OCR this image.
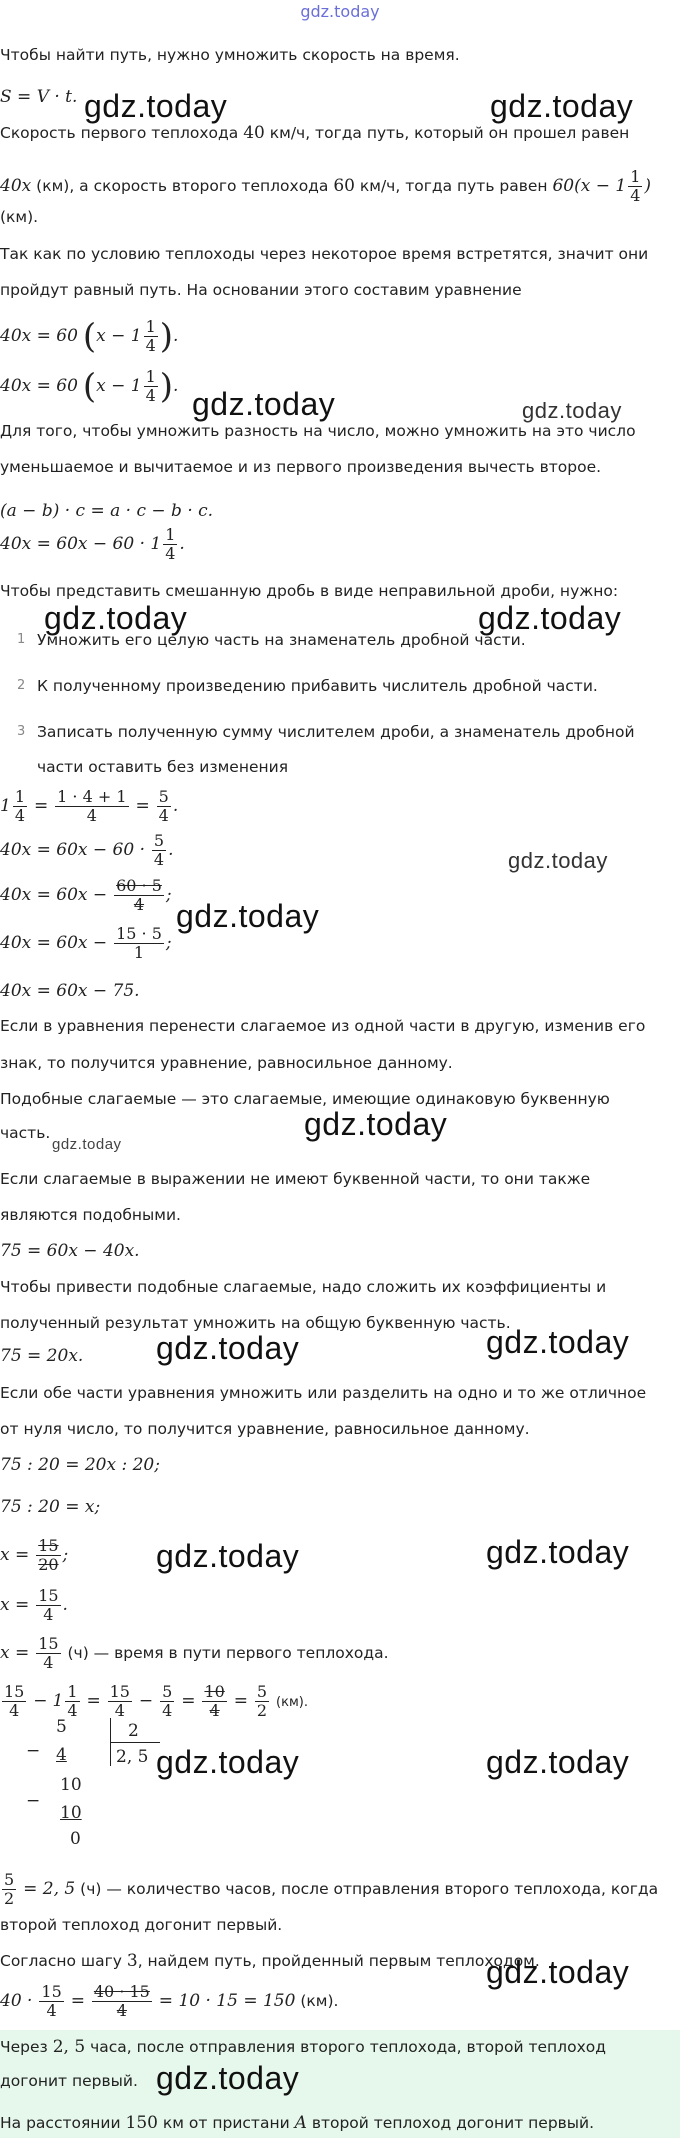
gdz.today
Чтобы найти путь, нужно умножить скорость на время.
S = V · t. gdz.today	gdz.today
Скорость первого теплохода 40 км/ч, тогда путь, который он прошел равен
40x (км), а скорость второго теплохода 60 км/ч, тогда путь равен $60(x - 1 \frac{1}{4}$ )
(км).
Так как по условию теплоходы через некоторое время встретятся, значит они
пройдут равный путь. На основании этого составим уравнение
40x = 60 ($x - 1 \frac{1}{4}$ ).
40x = 60 ($x - 1 \frac{1}{4}$ ). gdz.today	gdz.today
Для того, чтобы умножить разность на число, можно умножить на это число
уменьшаемое и вычитаемое и из первого произведения вычесть второе.
(a − b) · c = a · c − b · c.
$40x = 60x - 60 \cdot 1 \frac{1}{4}$ .
Чтобы представить смешанную дробь в виде неправильной дроби, нужно:
gdz.today	gdz.today
1 Умножить его целую часть на знаменатель дробной части.
2 К полученному произведению прибавить числитель дробной части.
3 Записать полученную сумму числителем дроби, а знаменатель дробной
части оставить без изменения
$1 \frac{1}{4} = \frac{1 \cdot 4 + 1}{4} = \frac{5}{4}$ .
$40x = 60x - 60 \cdot \frac{5}{4}$ .	gdz.today
$40x = 60x - \frac{60 \cdot 5}{4}$ ;
gdz.today
$40x = 60x - \frac{15 \cdot 5}{1}$ ;
40x = 60x − 75.
Если в уравнения перенести слагаемое из одной части в другую, изменив его
знак, то получится уравнение, равносильное данному.
Подобные слагаемые — это слагаемые, имеющие одинаковую буквенную
часть.
gdz.today
gdz.today
Если слагаемые в выражении не имеют буквенной части, то они также
являются подобными.
75 = 60x − 40x.
Чтобы привести подобные слагаемые, надо сложить их коэффициенты и
полученный результат умножить на общую буквенную часть.
75 = 20x.	gdz.today	gdz.today
Если обе части уравнения умножить или разделить на одно и то же отличное
от нуля число, то получится уравнение, равносильное данному.
75 : 20 = 20x : 20;
75 : 20 = x;
$x = \frac{15}{20}$ ;	gdz.today	gdz.today
$x = \frac{15}{4}$ .
$x = \frac{15}{4} (ч)$ — время в пути первого теплохода.
$\frac{15}{4} - 1 \frac{1}{4} = \frac{15}{4} - \frac{5}{4} = \frac{10}{4} = \frac{5}{2} (км)$.
−
5
4
2
2, 5
10
−
10
0
gdz.today	gdz.today
$\frac{5}{2} = 2$, 5 (ч) — количество часов, после отправления второго теплохода, когда
второй теплоход догонит первый.
Согласно шагу 3, найдем путь, пройденный первым теплоходом.
gdz.today
$40 \cdot \frac{15}{4} = \frac{40 \cdot 15}{4} = 10 \cdot 15 = 150$ (км).
Через 2, 5 часа, после отправления второго теплохода, второй теплоход
догонит первый. gdz.today
На расстоянии 150 км от пристани A второй теплоход догонит первый.
